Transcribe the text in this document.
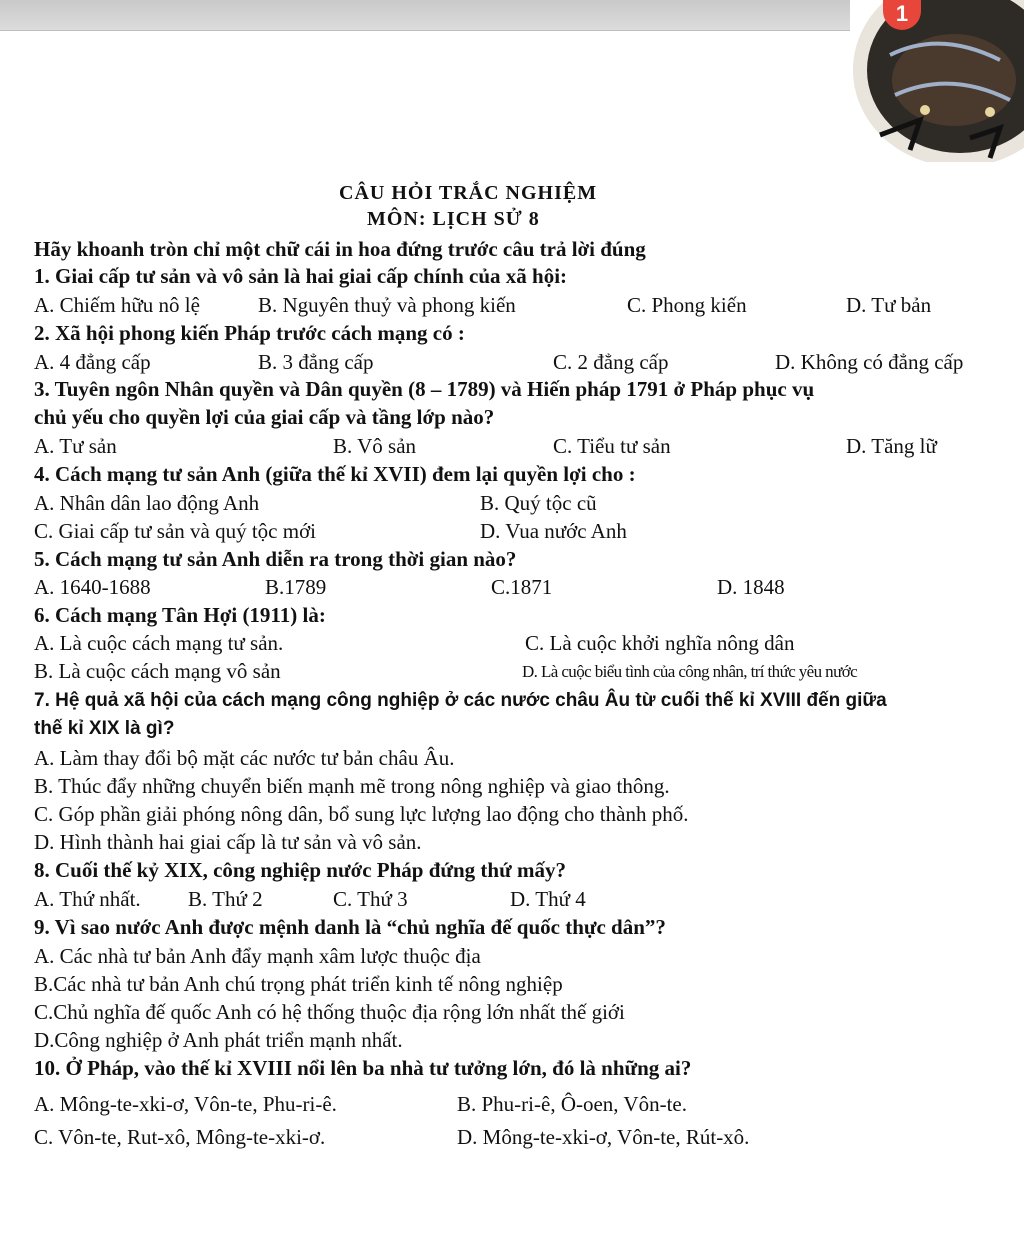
1
CÂU HỎI TRẮC NGHIỆM
MÔN: LỊCH SỬ 8
Hãy khoanh tròn chỉ một chữ cái in hoa đứng trước câu trả lời đúng
1. Giai cấp tư sản và vô sản là hai giai cấp chính của xã hội:
A. Chiếm hữu nô lệ	B. Nguyên thuỷ và phong kiến	C. Phong kiến	D. Tư bản
2. Xã hội phong kiến Pháp trước cách mạng có :
A. 4 đẳng cấp	B. 3 đẳng cấp	C. 2 đẳng cấp	D. Không có đẳng cấp
3. Tuyên ngôn Nhân quyền và Dân quyền (8 – 1789) và Hiến pháp 1791 ở Pháp phục vụ
chủ yếu cho quyền lợi của giai cấp và tầng lớp nào?
A. Tư sản	B. Vô sản	C. Tiểu tư sản	D. Tăng lữ
4. Cách mạng tư sản Anh (giữa thế kỉ XVII) đem lại quyền lợi cho :
A. Nhân dân lao động Anh	B. Quý tộc cũ
C. Giai cấp tư sản và quý tộc mới	D. Vua nước Anh
5. Cách mạng tư sản Anh diễn ra trong thời gian nào?
A. 1640-1688	B.1789	C.1871	D. 1848
6. Cách mạng Tân Hợi (1911) là:
A. Là cuộc cách mạng tư sản.	C. Là cuộc khởi nghĩa nông dân
B. Là cuộc cách mạng vô sản	D. Là cuộc biểu tình của công nhân, trí thức yêu nước
7. Hệ quả xã hội của cách mạng công nghiệp ở các nước châu Âu từ cuối thế kỉ XVIII đến giữa
thế kỉ XIX là gì?
A. Làm thay đổi bộ mặt các nước tư bản châu Âu.
B. Thúc đẩy những chuyển biến mạnh mẽ trong nông nghiệp và giao thông.
C. Góp phần giải phóng nông dân, bổ sung lực lượng lao động cho thành phố.
D. Hình thành hai giai cấp là tư sản và vô sản.
8. Cuối thế kỷ XIX, công nghiệp nước Pháp đứng thứ mấy?
A. Thứ nhất. B. Thứ 2	C. Thứ 3	D. Thứ 4
9. Vì sao nước Anh được mệnh danh là “chủ nghĩa đế quốc thực dân”?
A. Các nhà tư bản Anh đẩy mạnh xâm lược thuộc địa
B.Các nhà tư bản Anh chú trọng phát triển kinh tế nông nghiệp
C.Chủ nghĩa đế quốc Anh có hệ thống thuộc địa rộng lớn nhất thế giới
D.Công nghiệp ở Anh phát triển mạnh nhất.
10. Ở Pháp, vào thế kỉ XVIII nổi lên ba nhà tư tưởng lớn, đó là những ai?
A. Mông-te-xki-ơ, Vôn-te, Phu-ri-ê.	B. Phu-ri-ê, Ô-oen, Vôn-te.
C. Vôn-te, Rut-xô, Mông-te-xki-ơ.	D. Mông-te-xki-ơ, Vôn-te, Rút-xô.
